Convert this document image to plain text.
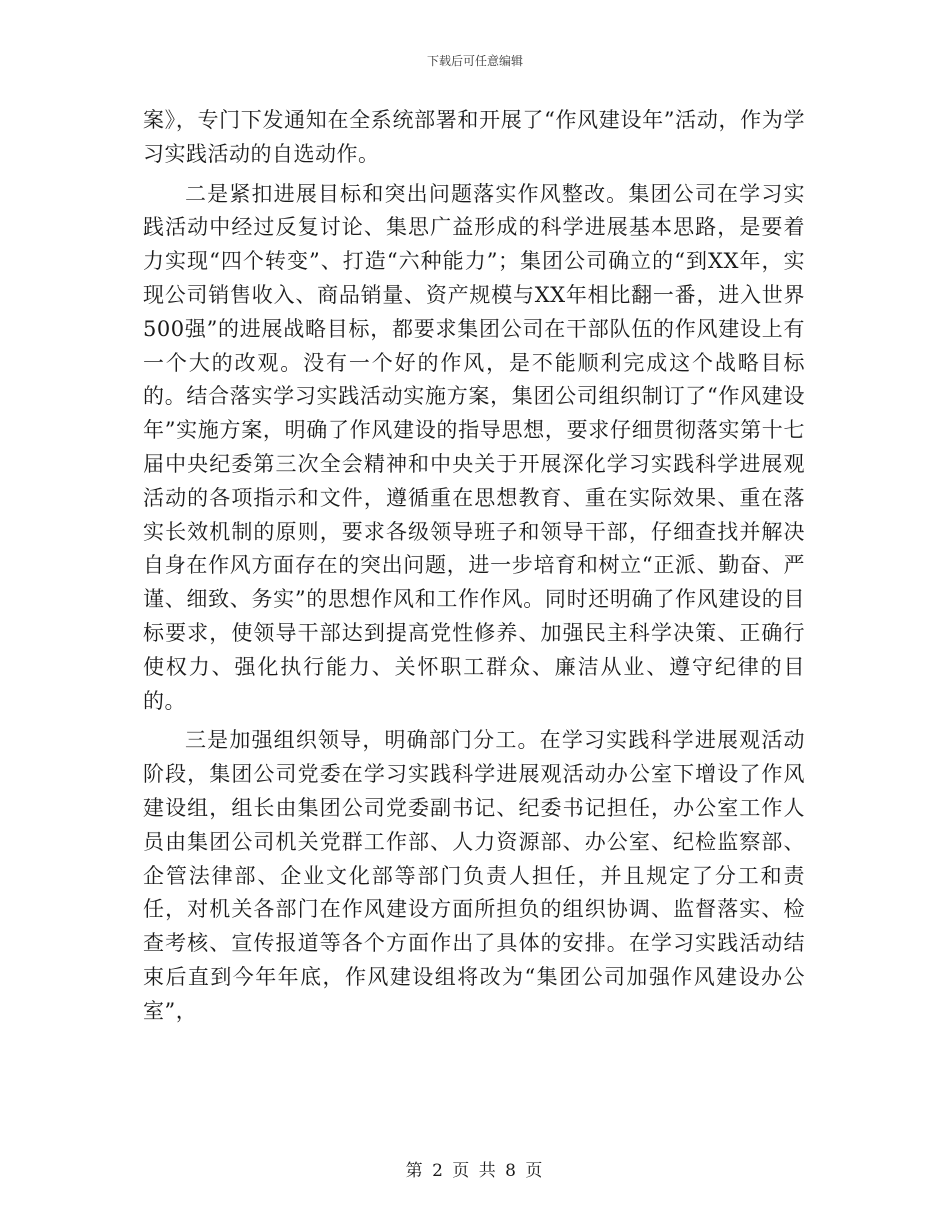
下载后可任意编辑

案》，专门下发通知在全系统部署和开展了“作风建设年”活动，作为学习实践活动的自选动作。

二是紧扣进展目标和突出问题落实作风整改。集团公司在学习实践活动中经过反复讨论、集思广益形成的科学进展基本思路，是要着力实现“四个转变”、打造“六种能力”；集团公司确立的“到XX年，实现公司销售收入、商品销量、资产规模与XX年相比翻一番，进入世界500强”的进展战略目标，都要求集团公司在干部队伍的作风建设上有一个大的改观。没有一个好的作风，是不能顺利完成这个战略目标的。结合落实学习实践活动实施方案，集团公司组织制订了“作风建设年”实施方案，明确了作风建设的指导思想，要求仔细贯彻落实第十七届中央纪委第三次全会精神和中央关于开展深化学习实践科学进展观活动的各项指示和文件，遵循重在思想教育、重在实际效果、重在落实长效机制的原则，要求各级领导班子和领导干部，仔细查找并解决自身在作风方面存在的突出问题，进一步培育和树立“正派、勤奋、严谨、细致、务实”的思想作风和工作作风。同时还明确了作风建设的目标要求，使领导干部达到提高党性修养、加强民主科学决策、正确行使权力、强化执行能力、关怀职工群众、廉洁从业、遵守纪律的目的。

三是加强组织领导，明确部门分工。在学习实践科学进展观活动阶段，集团公司党委在学习实践科学进展观活动办公室下增设了作风建设组，组长由集团公司党委副书记、纪委书记担任，办公室工作人员由集团公司机关党群工作部、人力资源部、办公室、纪检监察部、企管法律部、企业文化部等部门负责人担任，并且规定了分工和责任，对机关各部门在作风建设方面所担负的组织协调、监督落实、检查考核、宣传报道等各个方面作出了具体的安排。在学习实践活动结束后直到今年年底，作风建设组将改为“集团公司加强作风建设办公室”，

第 2 页 共 8 页
